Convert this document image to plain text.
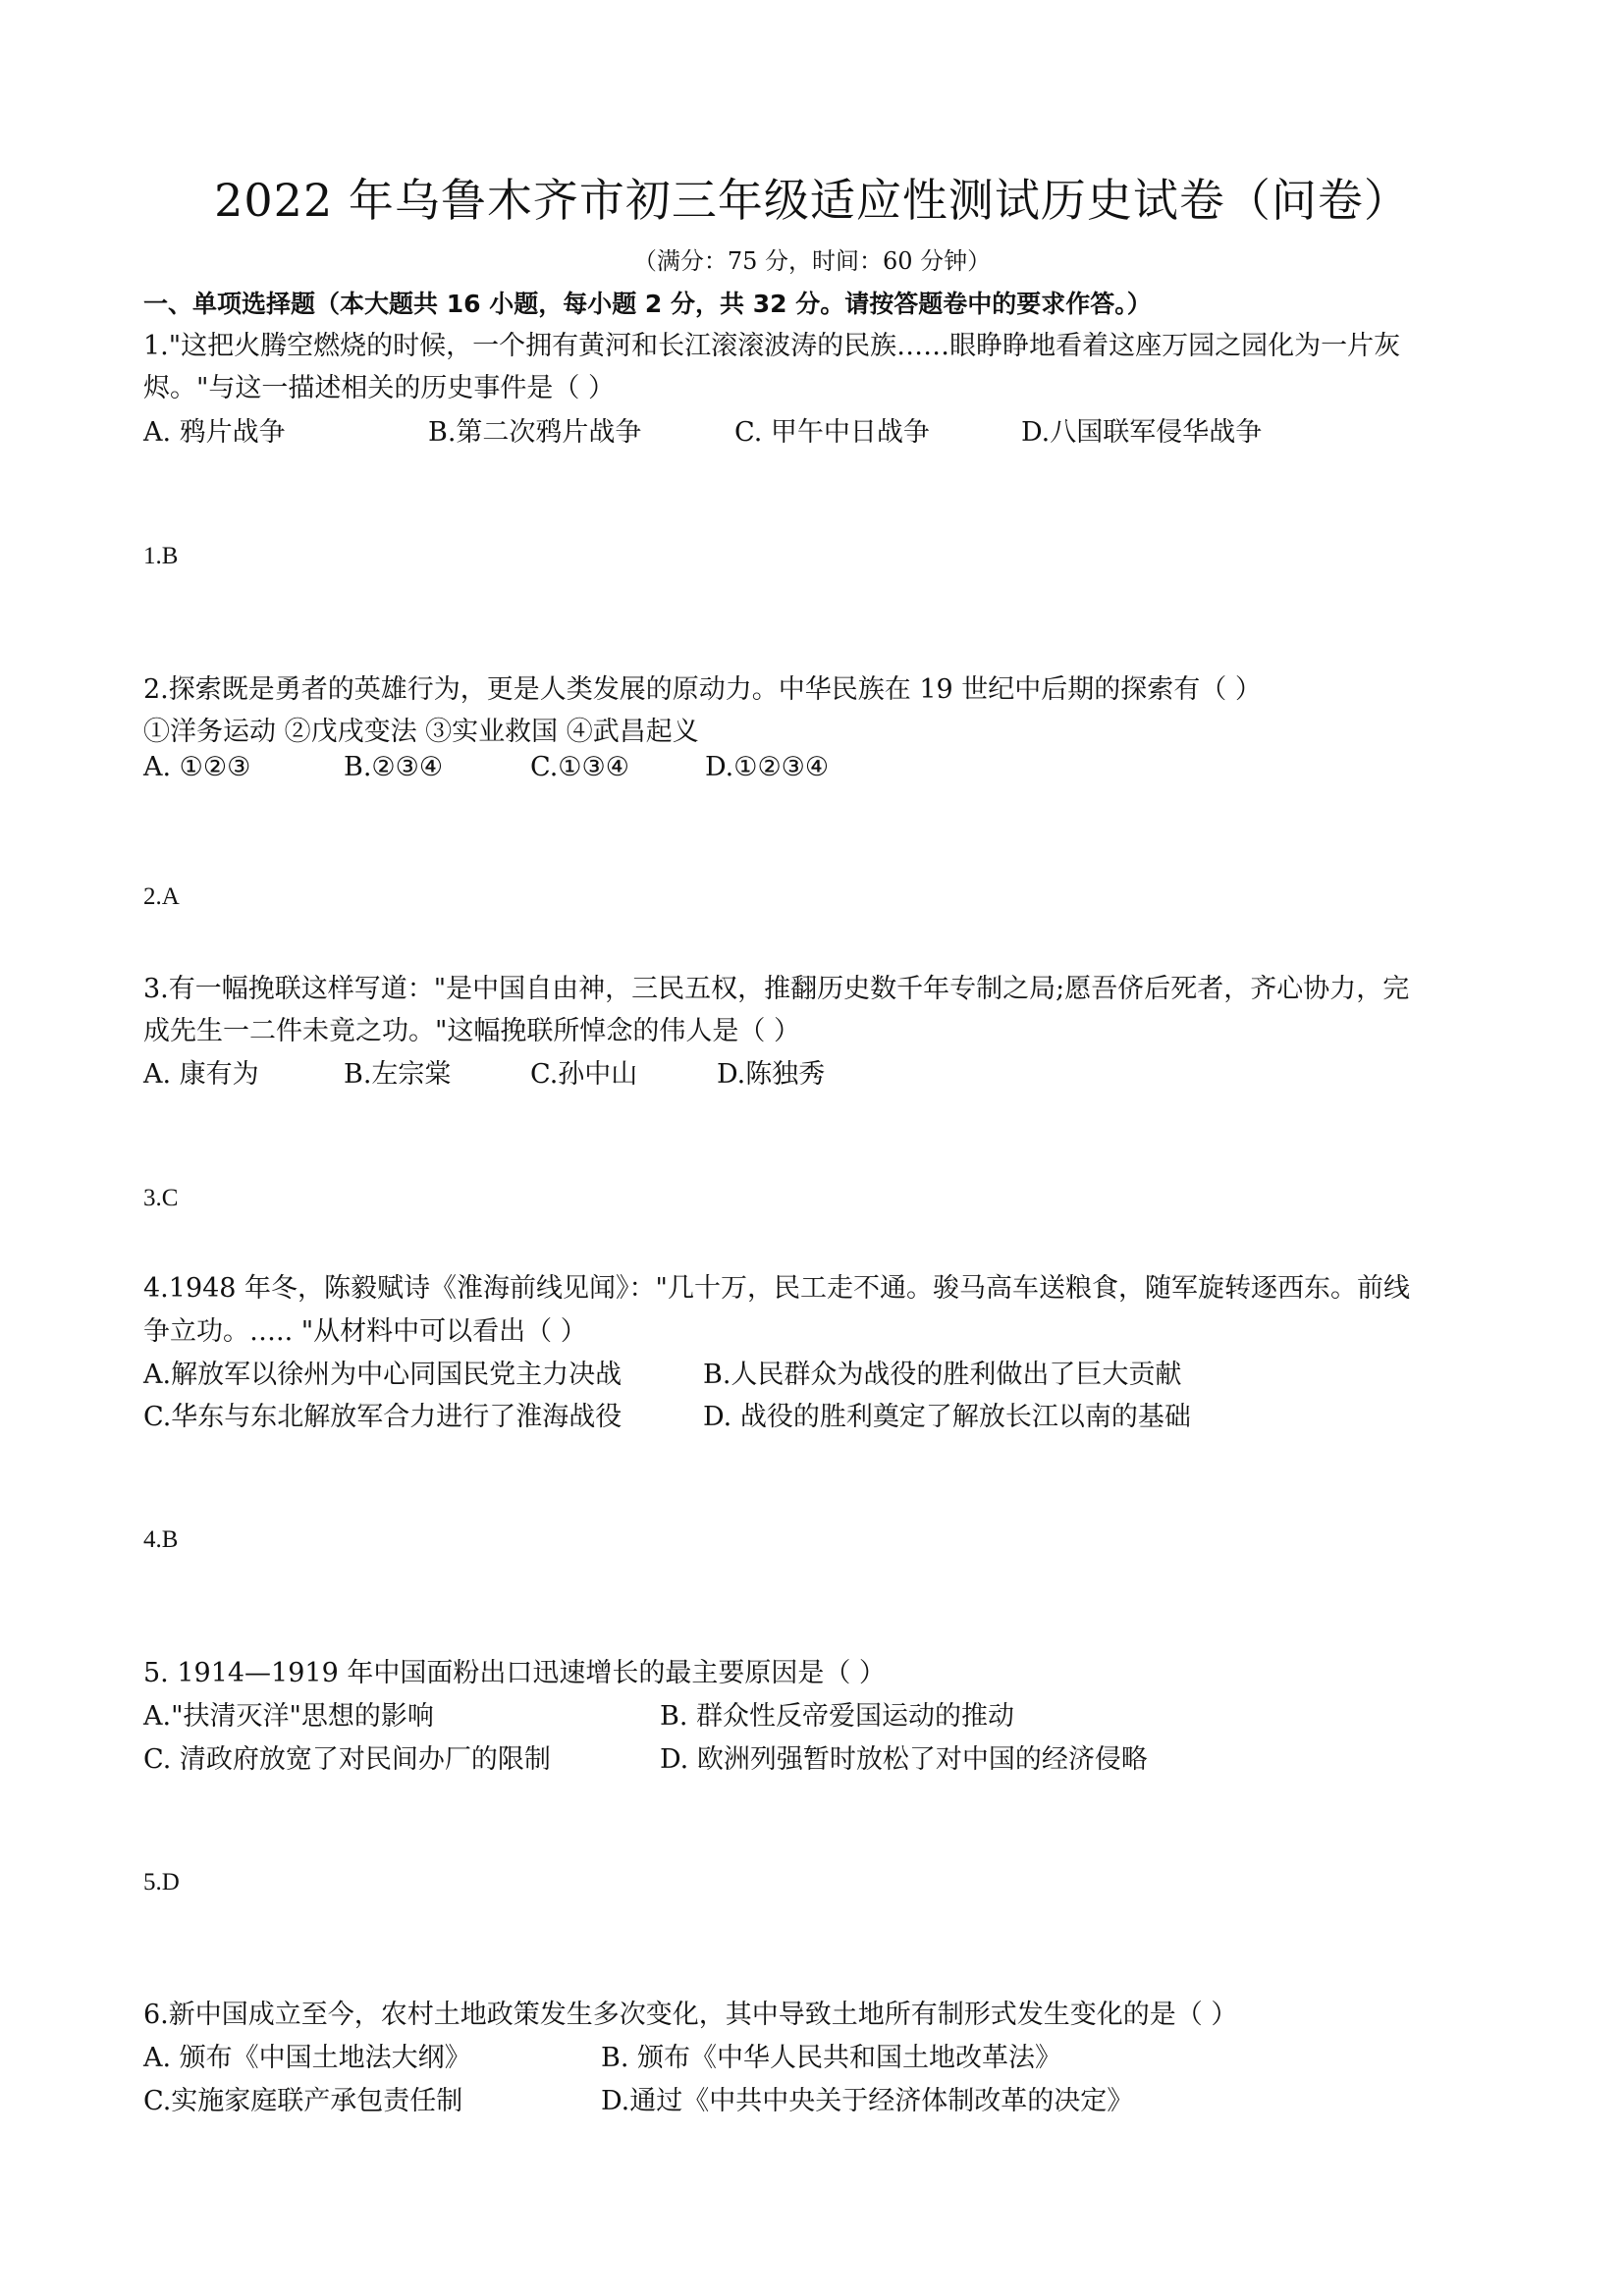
2022 年乌鲁木齐市初三年级适应性测试历史试卷（问卷）
（满分：75 分，时间：60 分钟）
一、单项选择题（本大题共 16 小题，每小题 2 分，共 32 分。请按答题卷中的要求作答。）
1."这把火腾空燃烧的时候，一个拥有黄河和长江滚滚波涛的民族……眼睁睁地看着这座万园之园化为一片灰
烬。"与这一描述相关的历史事件是（ ）
A. 鸦片战争	B.第二次鸦片战争	C. 甲午中日战争	D.八国联军侵华战争
1.B
2.探索既是勇者的英雄行为，更是人类发展的原动力。中华民族在 19 世纪中后期的探索有（ ）
①洋务运动 ②戊戌变法 ③实业救国 ④武昌起义
A. ①②③	B.②③④	C.①③④	D.①②③④
2.A
3.有一幅挽联这样写道："是中国自由神，三民五权，推翻历史数千年专制之局;愿吾侪后死者，齐心协力，完
成先生一二件未竟之功。"这幅挽联所悼念的伟人是（ ）
A. 康有为	B.左宗棠	C.孙中山	D.陈独秀
3.C
4.1948 年冬，陈毅赋诗《淮海前线见闻》："几十万，民工走不通。骏马高车送粮食，随军旋转逐西东。前线
争立功。….. "从材料中可以看出（ ）
A.解放军以徐州为中心同国民党主力决战	B.人民群众为战役的胜利做出了巨大贡献
C.华东与东北解放军合力进行了淮海战役	D. 战役的胜利奠定了解放长江以南的基础
4.B
5. 1914—1919 年中国面粉出口迅速增长的最主要原因是（ ）
A."扶清灭洋"思想的影响	B. 群众性反帝爱国运动的推动
C. 清政府放宽了对民间办厂的限制	D. 欧洲列强暂时放松了对中国的经济侵略
5.D
6.新中国成立至今，农村土地政策发生多次变化，其中导致土地所有制形式发生变化的是（ ）
A. 颁布《中国土地法大纲》	B. 颁布《中华人民共和国土地改革法》
C.实施家庭联产承包责任制	D.通过《中共中央关于经济体制改革的决定》
